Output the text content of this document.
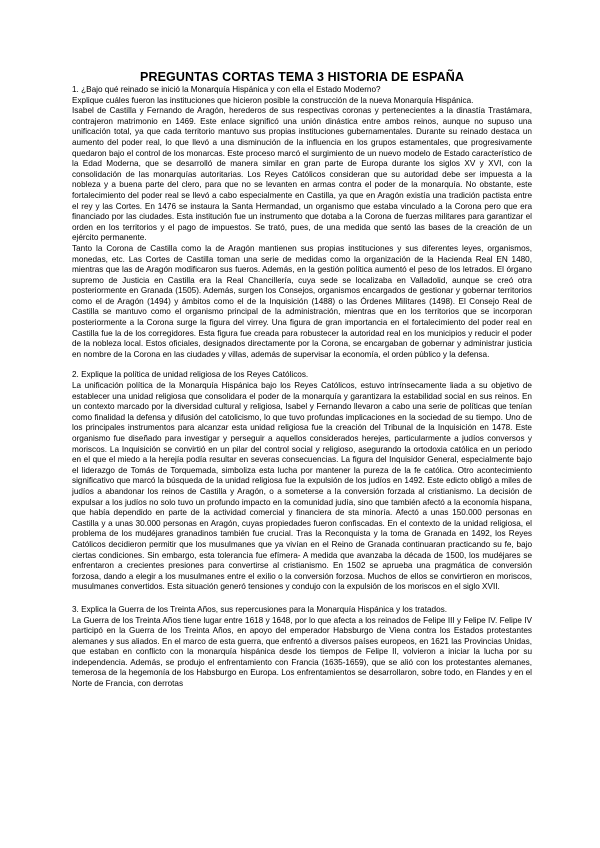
PREGUNTAS CORTAS TEMA 3 HISTORIA DE ESPAÑA

1. ¿Bajo qué reinado se inició la Monarquía Hispánica y con ella el Estado Moderno?

Explique cuáles fueron las instituciones que hicieron posible la construcción de la nueva Monarquía Hispánica.

Isabel de Castilla y Fernando de Aragón, herederos de sus respectivas coronas y pertenecientes a la dinastía Trastámara, contrajeron matrimonio en 1469. Este enlace significó una unión dinástica entre ambos reinos, aunque no supuso una unificación total, ya que cada territorio mantuvo sus propias instituciones gubernamentales. Durante su reinado destaca un aumento del poder real, lo que llevó a una disminución de la influencia en los grupos estamentales, que progresivamente quedaron bajo el control de los monarcas. Este proceso marcó el surgimiento de un nuevo modelo de Estado característico de la Edad Moderna, que se desarrolló de manera similar en gran parte de Europa durante los siglos XV y XVI, con la consolidación de las monarquías autoritarias. Los Reyes Católicos consideran que su autoridad debe ser impuesta a la nobleza y a buena parte del clero, para que no se levanten en armas contra el poder de la monarquía. No obstante, este fortalecimiento del poder real se llevó a cabo especialmente en Castilla, ya que en Aragón existía una tradición pactista entre el rey y las Cortes. En 1476 se instaura la Santa Hermandad, un organismo que estaba vinculado a la Corona pero que era financiado por las ciudades. Esta institución fue un instrumento que dotaba a la Corona de fuerzas militares para garantizar el orden en los territorios y el pago de impuestos. Se trató, pues, de una medida que sentó las bases de la creación de un ejército permanente.

Tanto la Corona de Castilla como la de Aragón mantienen sus propias instituciones y sus diferentes leyes, organismos, monedas, etc. Las Cortes de Castilla toman una serie de medidas como la organización de la Hacienda Real EN 1480, mientras que las de Aragón modificaron sus fueros. Además, en la gestión política aumentó el peso de los letrados. El órgano supremo de Justicia en Castilla era la Real Chancillería, cuya sede se localizaba en Valladolid, aunque se creó otra posteriormente en Granada (1505). Además, surgen los Consejos, organismos encargados de gestionar y gobernar territorios como el de Aragón (1494) y ámbitos como el de la Inquisición (1488) o las Órdenes Militares (1498). El Consejo Real de Castilla se mantuvo como el organismo principal de la administración, mientras que en los territorios que se incorporan posteriormente a la Corona surge la figura del virrey. Una figura de gran importancia en el fortalecimiento del poder real en Castilla fue la de los corregidores. Esta figura fue creada para robustecer la autoridad real en los municipios y reducir el poder de la nobleza local. Estos oficiales, designados directamente por la Corona, se encargaban de gobernar y administrar justicia en nombre de la Corona en las ciudades y villas, además de supervisar la economía, el orden público y la defensa.

2. Explique la política de unidad religiosa de los Reyes Católicos.

La unificación política de la Monarquía Hispánica bajo los Reyes Católicos, estuvo intrínsecamente liada a su objetivo de establecer una unidad religiosa que consolidara el poder de la monarquía y garantizara la estabilidad social en sus reinos. En un contexto marcado por la diversidad cultural y religiosa, Isabel y Fernando llevaron a cabo una serie de políticas que tenían como finalidad la defensa y difusión del catolicismo, lo que tuvo profundas implicaciones en la sociedad de su tiempo. Uno de los principales instrumentos para alcanzar esta unidad religiosa fue la creación del Tribunal de la Inquisición en 1478. Este organismo fue diseñado para investigar y perseguir a aquellos considerados herejes, particularmente a judíos conversos y moriscos. La Inquisición se convirtió en un pilar del control social y religioso, asegurando la ortodoxia católica en un periodo en el que el miedo a la herejía podía resultar en severas consecuencias. La figura del Inquisidor General, especialmente bajo el liderazgo de Tomás de Torquemada, simboliza esta lucha por mantener la pureza de la fe católica. Otro acontecimiento significativo que marcó la búsqueda de la unidad religiosa fue la expulsión de los judíos en 1492. Este edicto obligó a miles de judíos a abandonar los reinos de Castilla y Aragón, o a someterse a la conversión forzada al cristianismo. La decisión de expulsar a los judíos no solo tuvo un profundo impacto en la comunidad judía, sino que también afectó a la economía hispana, que había dependido en parte de la actividad comercial y financiera de sta minoría. Afectó a unas 150.000 personas en Castilla y a unas 30.000 personas en Aragón, cuyas propiedades fueron confiscadas. En el contexto de la unidad religiosa, el problema de los mudéjares granadinos también fue crucial. Tras la Reconquista y la toma de Granada en 1492, los Reyes Católicos decidieron permitir que los musulmanes que ya vivían en el Reino de Granada continuaran practicando su fe, bajo ciertas condiciones. Sin embargo, esta tolerancia fue efímera- A medida que avanzaba la década de 1500, los mudéjares se enfrentaron a crecientes presiones para convertirse al cristianismo. En 1502 se aprueba una pragmática de conversión forzosa, dando a elegir a los musulmanes entre el exilio o la conversión forzosa. Muchos de ellos se convirtieron en moriscos, musulmanes convertidos. Esta situación generó tensiones y condujo con la expulsión de los moriscos en el siglo XVII.

3. Explica la Guerra de los Treinta Años, sus repercusiones para la Monarquía Hispánica y los tratados.

La Guerra de los Treinta Años tiene lugar entre 1618 y 1648, por lo que afecta a los reinados de Felipe III y Felipe IV. Felipe IV participó en la Guerra de los Treinta Años, en apoyo del emperador Habsburgo de Viena contra los Estados protestantes alemanes y sus aliados. En el marco de esta guerra, que enfrentó a diversos países europeos, en 1621 las Provincias Unidas, que estaban en conflicto con la monarquía hispánica desde los tiempos de Felipe II, volvieron a iniciar la lucha por su independencia. Además, se produjo el enfrentamiento con Francia (1635-1659), que se alió con los protestantes alemanes, temerosa de la hegemonía de los Habsburgo en Europa. Los enfrentamientos se desarrollaron, sobre todo, en Flandes y en el Norte de Francia, con derrotas
